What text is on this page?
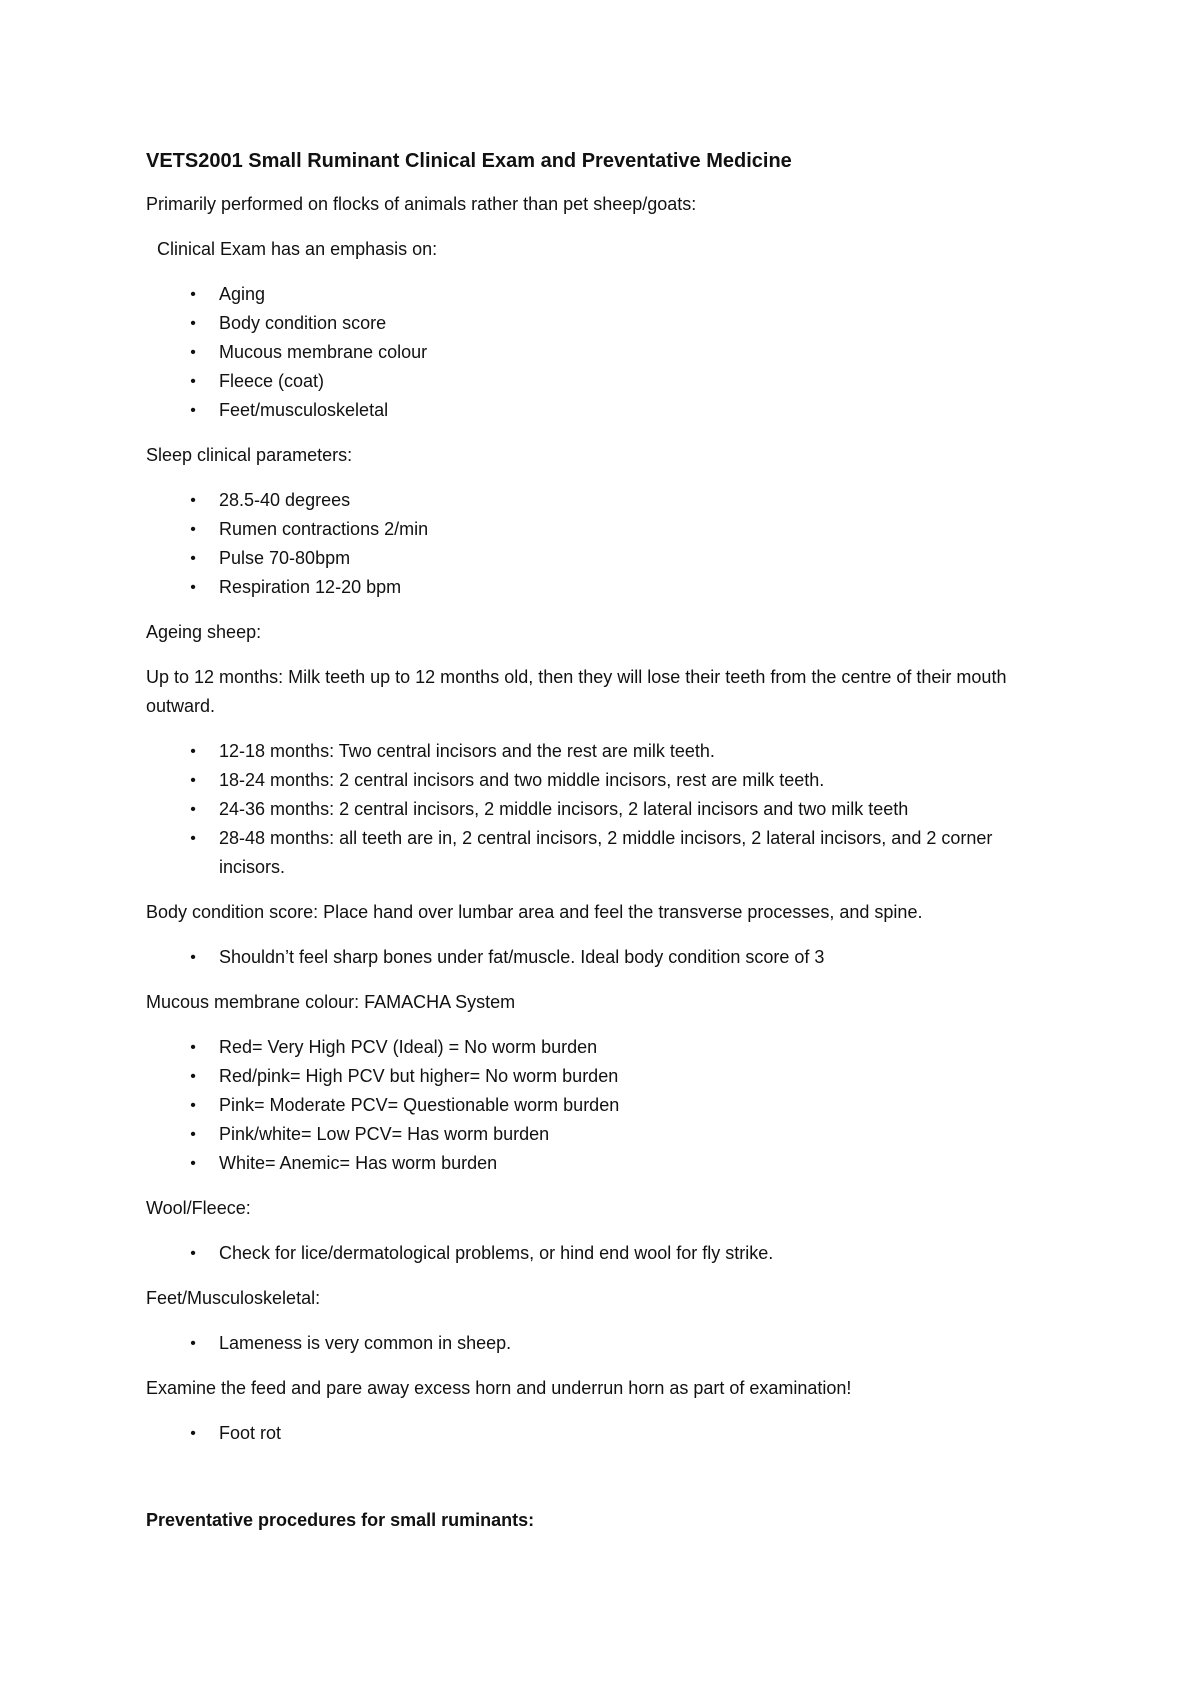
VETS2001 Small Ruminant Clinical Exam and Preventative Medicine
Primarily performed on flocks of animals rather than pet sheep/goats:
Clinical Exam has an emphasis on:
• Aging
• Body condition score
• Mucous membrane colour
• Fleece (coat)
• Feet/musculoskeletal
Sleep clinical parameters:
• 28.5-40 degrees
• Rumen contractions 2/min
• Pulse 70-80bpm
• Respiration 12-20 bpm
Ageing sheep:
Up to 12 months: Milk teeth up to 12 months old, then they will lose their teeth from the centre of their mouth outward.
• 12-18 months: Two central incisors and the rest are milk teeth.
• 18-24 months: 2 central incisors and two middle incisors, rest are milk teeth.
• 24-36 months: 2 central incisors, 2 middle incisors, 2 lateral incisors and two milk teeth
• 28-48 months: all teeth are in, 2 central incisors, 2 middle incisors, 2 lateral incisors, and 2 corner incisors.
Body condition score: Place hand over lumbar area and feel the transverse processes, and spine.
• Shouldn’t feel sharp bones under fat/muscle. Ideal body condition score of 3
Mucous membrane colour: FAMACHA System
• Red= Very High PCV (Ideal) = No worm burden
• Red/pink= High PCV but higher= No worm burden
• Pink= Moderate PCV= Questionable worm burden
• Pink/white= Low PCV= Has worm burden
• White= Anemic= Has worm burden
Wool/Fleece:
• Check for lice/dermatological problems, or hind end wool for fly strike.
Feet/Musculoskeletal:
• Lameness is very common in sheep.
Examine the feed and pare away excess horn and underrun horn as part of examination!
• Foot rot
Preventative procedures for small ruminants:
